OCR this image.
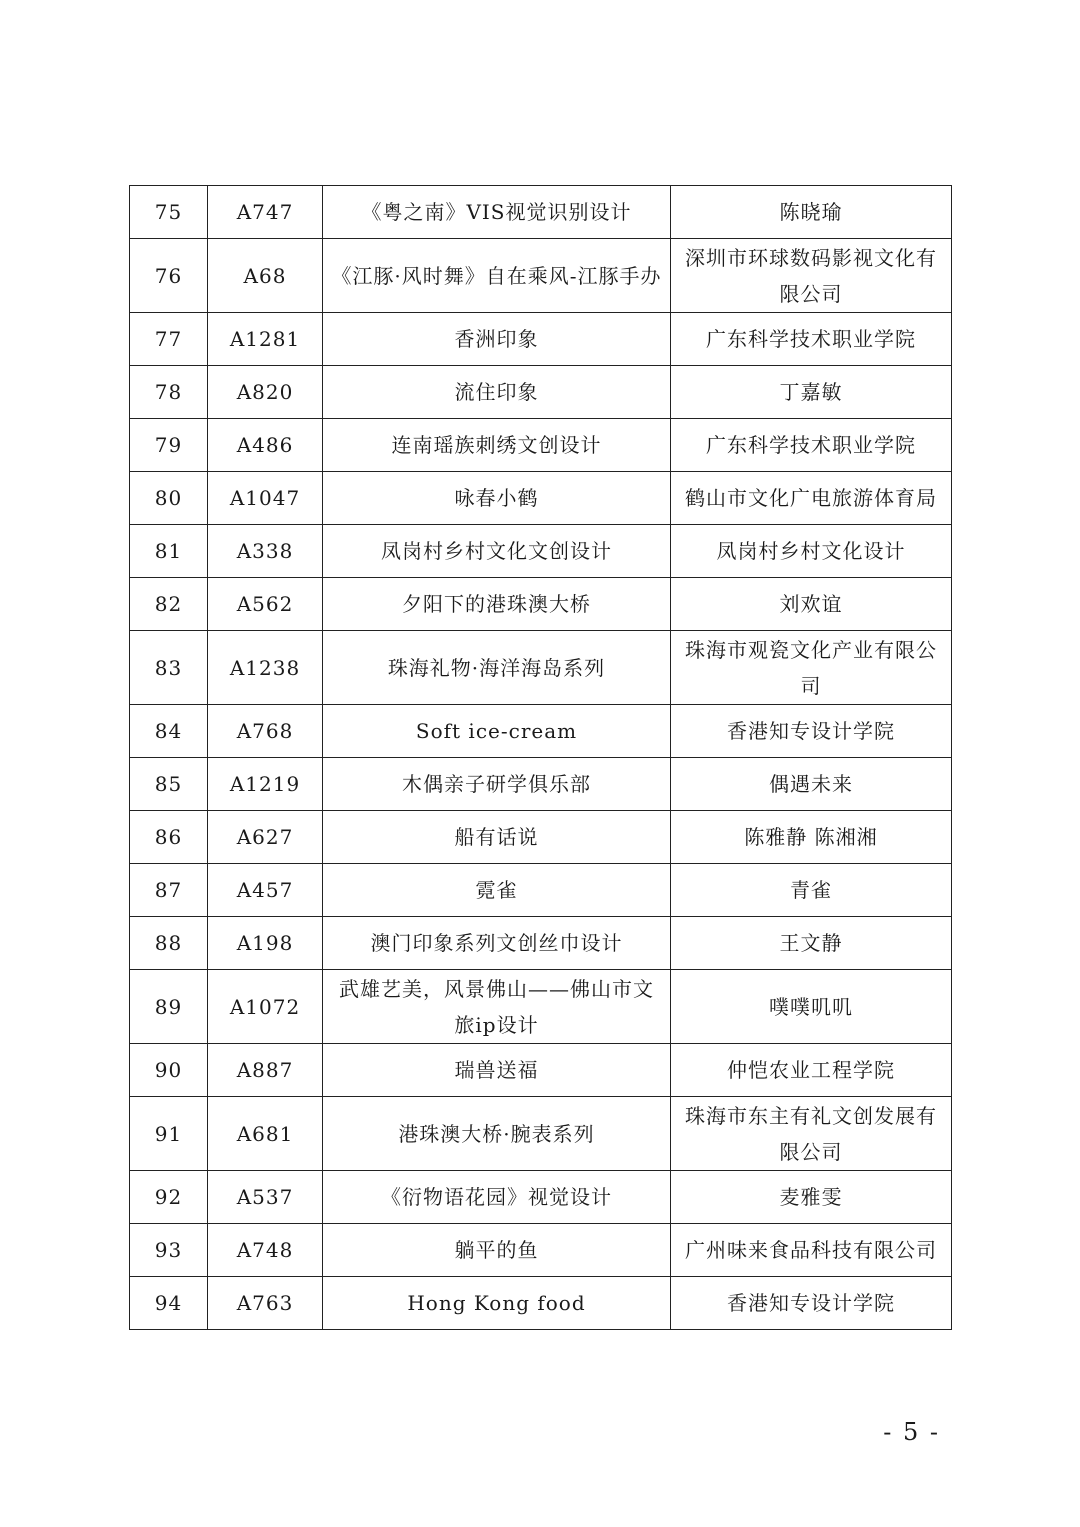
75	A747	《粤之南》VIS视觉识别设计	陈晓瑜
76	A68	《江豚·风时舞》自在乘风-江豚手办	深圳市环球数码影视文化有限公司
77	A1281	香洲印象	广东科学技术职业学院
78	A820	流住印象	丁嘉敏
79	A486	连南瑶族刺绣文创设计	广东科学技术职业学院
80	A1047	咏春小鹤	鹤山市文化广电旅游体育局
81	A338	凤岗村乡村文化文创设计	凤岗村乡村文化设计
82	A562	夕阳下的港珠澳大桥	刘欢谊
83	A1238	珠海礼物·海洋海岛系列	珠海市观瓷文化产业有限公司
84	A768	Soft ice-cream	香港知专设计学院
85	A1219	木偶亲子研学俱乐部	偶遇未来
86	A627	船有话说	陈雅静 陈湘湘
87	A457	霓雀	青雀
88	A198	澳门印象系列文创丝巾设计	王文静
89	A1072	武雄艺美，风景佛山——佛山市文旅ip设计	噗噗叽叽
90	A887	瑞兽送福	仲恺农业工程学院
91	A681	港珠澳大桥·腕表系列	珠海市东主有礼文创发展有限公司
92	A537	《衍物语花园》视觉设计	麦雅雯
93	A748	躺平的鱼	广州味来食品科技有限公司
94	A763	Hong Kong food	香港知专设计学院
- 5 -
